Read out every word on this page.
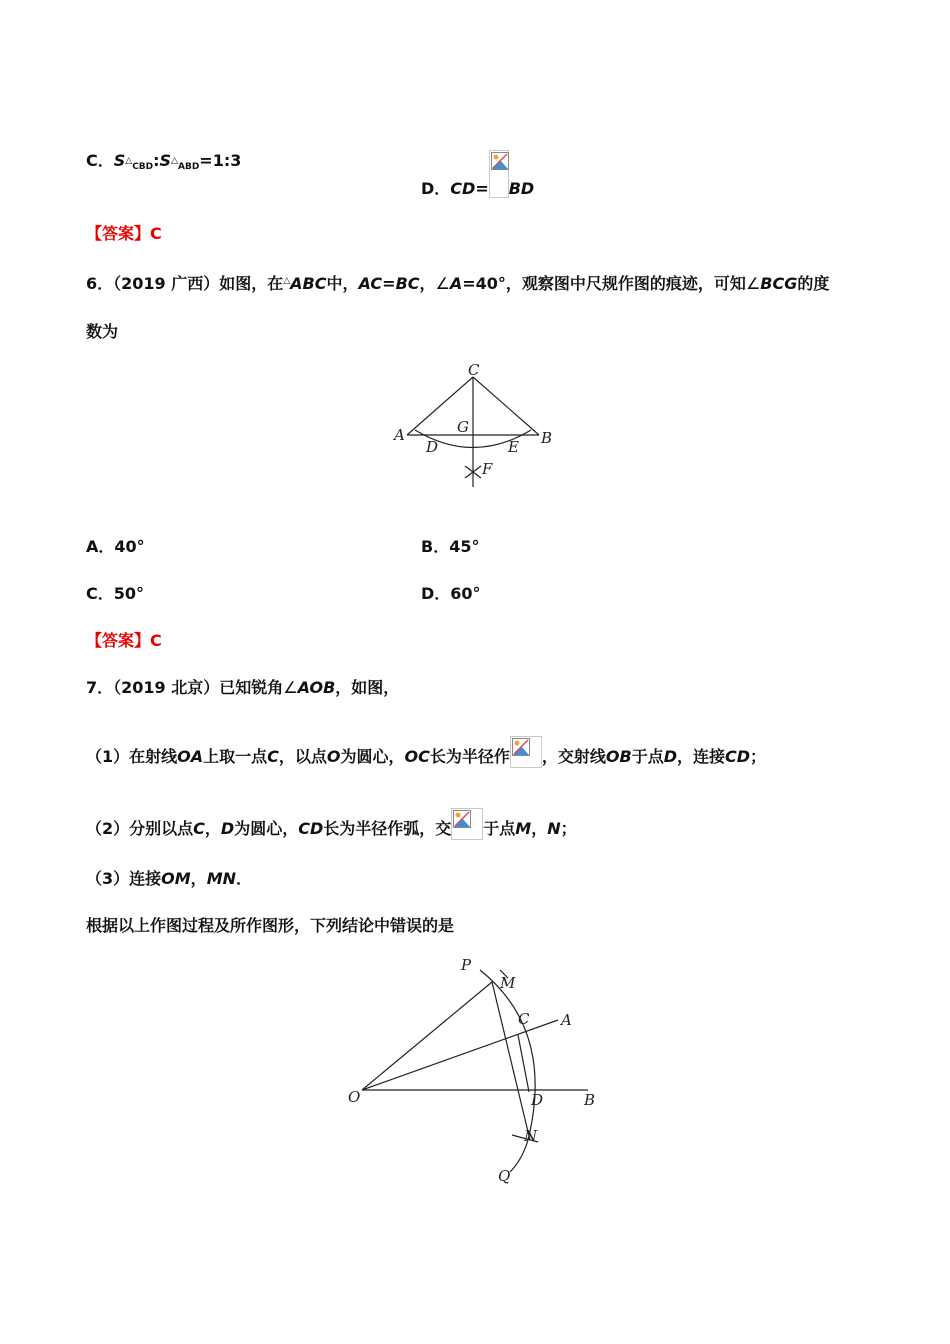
C．$S_{\triangle CBD}:S_{\triangle ABD}=1:3$
D．CD= BD
【答案】C
6．（2019 广西）如图，在△ABC中，AC=BC，∠A=40°，观察图中尺规作图的痕迹，可知∠BCG的度
数为
C
G
A
D	E B
F
A．40°	B．45°
C．50°	D．60°
【答案】C
7．（2019 北京）已知锐角∠AOB，如图，
（1）在射线OA上取一点C，以点O为圆心，OC长为半径作 ，交射线OB于点D，连接CD；
（2）分别以点C，D为圆心，CD长为半径作弧，交 于点M，N；
（3）连接OM，MN．
根据以上作图过程及所作图形，下列结论中错误的是
P
M
C A
O	D	B
N
Q
